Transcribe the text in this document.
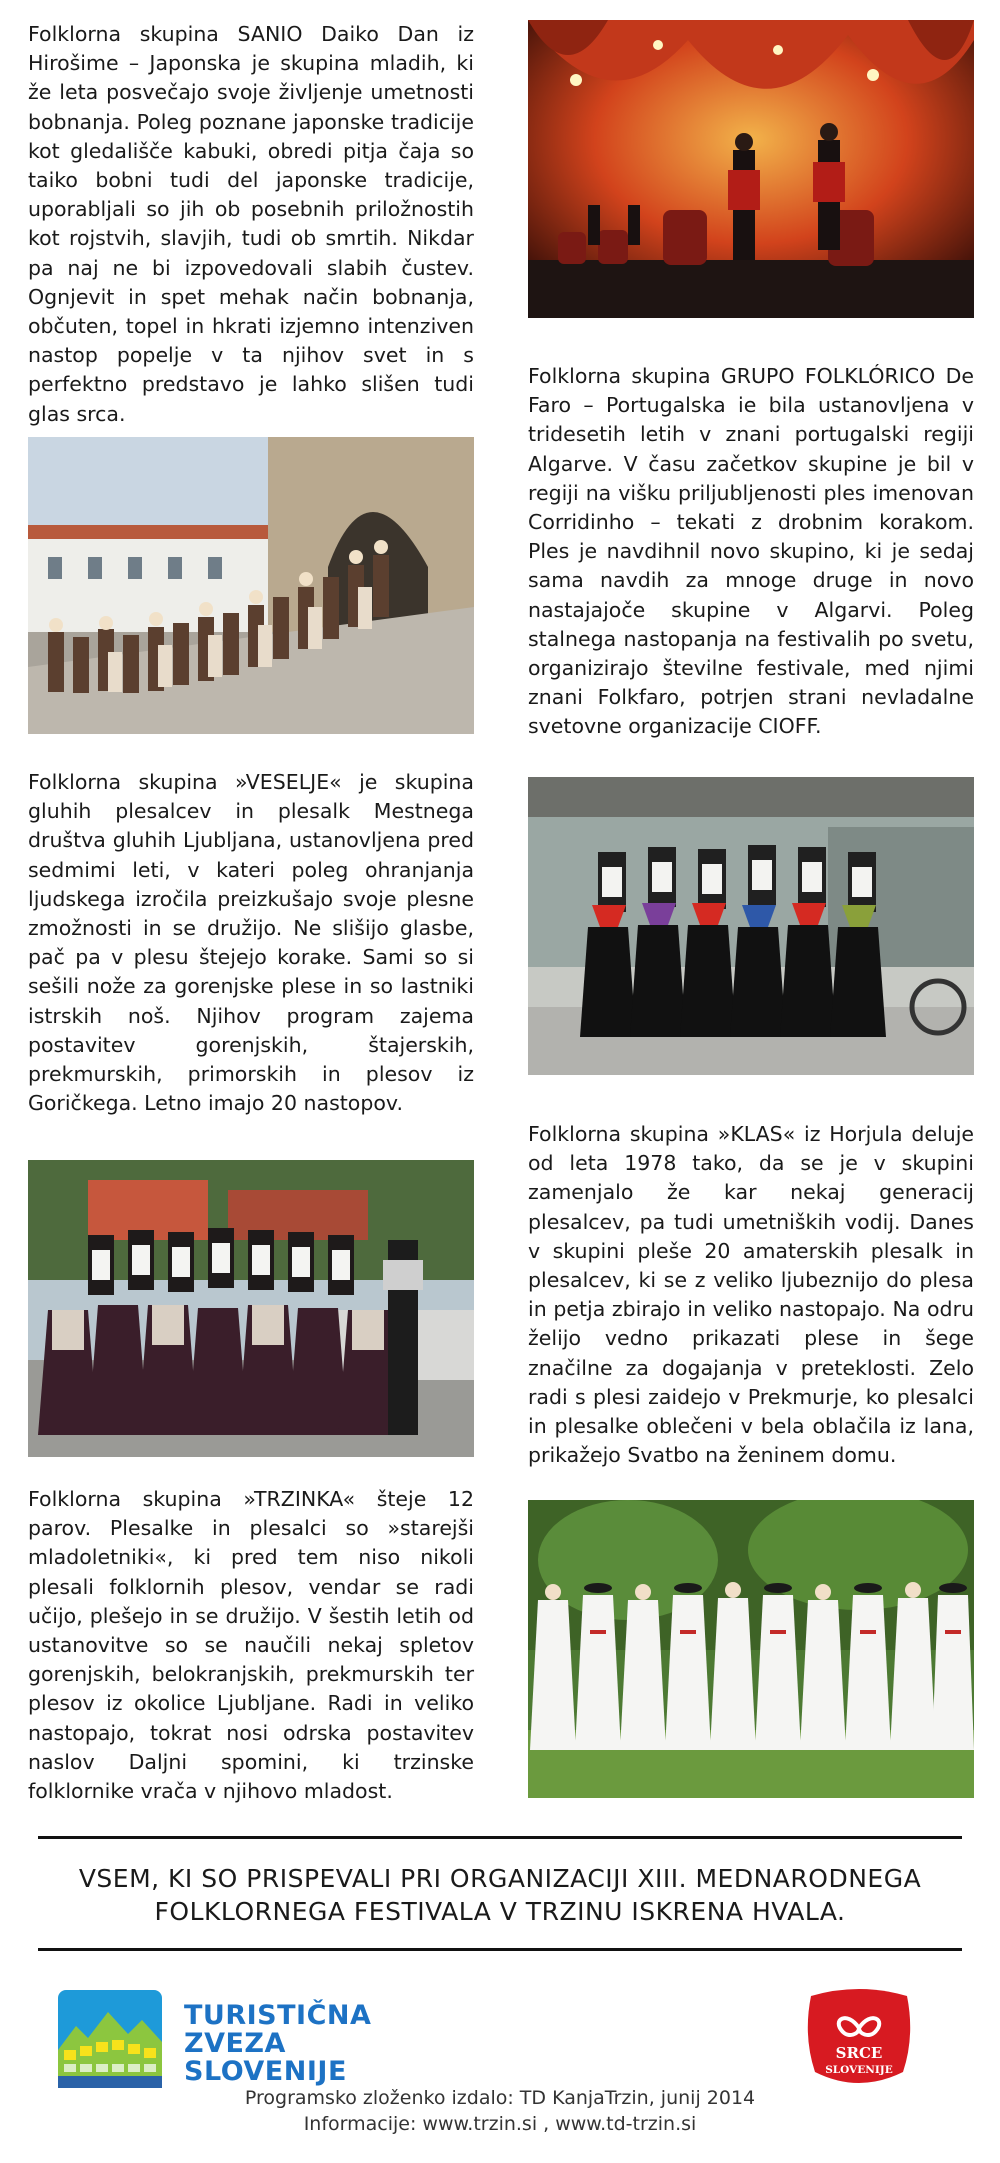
Folklorna skupina SANIO Daiko Dan iz Hirošime – Japonska je skupina mladih, ki že leta posvečajo svoje življenje umetnosti bobnanja. Poleg poznane japonske tradicije kot gledališče kabuki, obredi pitja čaja so taiko bobni tudi del japonske tradicije, uporabljali so jih ob posebnih priložnostih kot rojstvih, slavjih, tudi ob smrtih. Nikdar pa naj ne bi izpovedovali slabih čustev. Ognjevit in spet mehak način bobnanja, občuten, topel in hkrati izjemno intenziven nastop popelje v ta njihov svet in s perfektno predstavo je lahko slišen tudi glas srca.

Folklorna skupina »VESELJE« je skupina gluhih plesalcev in plesalk Mestnega društva gluhih Ljubljana, ustanovljena pred sedmimi leti, v kateri poleg ohranjanja ljudskega izročila preizkušajo svoje plesne zmožnosti in se družijo. Ne slišijo glasbe, pač pa v plesu štejejo korake. Sami so si sešili nože za gorenjske plese in so lastniki istrskih noš. Njihov program zajema postavitev gorenjskih, štajerskih, prekmurskih, primorskih in plesov iz Goričkega. Letno imajo 20 nastopov.

Folklorna skupina »TRZINKA« šteje 12 parov. Plesalke in plesalci so »starejši mladoletniki«, ki pred tem niso nikoli plesali folklornih plesov, vendar se radi učijo, plešejo in se družijo. V šestih letih od ustanovitve so se naučili nekaj spletov gorenjskih, belokranjskih, prekmurskih ter plesov iz okolice Ljubljane. Radi in veliko nastopajo, tokrat nosi odrska postavitev naslov Daljni spomini, ki trzinske folklornike vrača v njihovo mladost.

Folklorna skupina GRUPO FOLKLÓRICO De Faro – Portugalska ie bila ustanovljena v tridesetih letih v znani portugalski regiji Algarve. V času začetkov skupine je bil v regiji na višku priljubljenosti ples imenovan Corridinho – tekati z drobnim korakom. Ples je navdihnil novo skupino, ki je sedaj sama navdih za mnoge druge in novo nastajajoče skupine v Algarvi. Poleg stalnega nastopanja na festivalih po svetu, organizirajo številne festivale, med njimi znani Folkfaro, potrjen strani nevladalne svetovne organizacije CIOFF.

Folklorna skupina »KLAS« iz Horjula deluje od leta 1978 tako, da se je v skupini zamenjalo že kar nekaj generacij plesalcev, pa tudi umetniških vodij. Danes v skupini pleše 20 amaterskih plesalk in plesalcev, ki se z veliko ljubeznijo do plesa in petja zbirajo in veliko nastopajo. Na odru želijo vedno prikazati plese in šege značilne za dogajanja v preteklosti. Zelo radi s plesi zaidejo v Prekmurje, ko plesalci in plesalke oblečeni v bela oblačila iz lana, prikažejo Svatbo na ženinem domu.

VSEM, KI SO PRISPEVALI PRI ORGANIZACIJI XIII. MEDNARODNEGA
FOLKLORNEGA FESTIVALA V TRZINU ISKRENA HVALA.
TURISTIČNA
ZVEZA
SLOVENIJE
SRCE
SLOVENIJE
Programsko zloženko izdalo: TD KanjaTrzin, junij 2014
Informacije: www.trzin.si , www.td-trzin.si
